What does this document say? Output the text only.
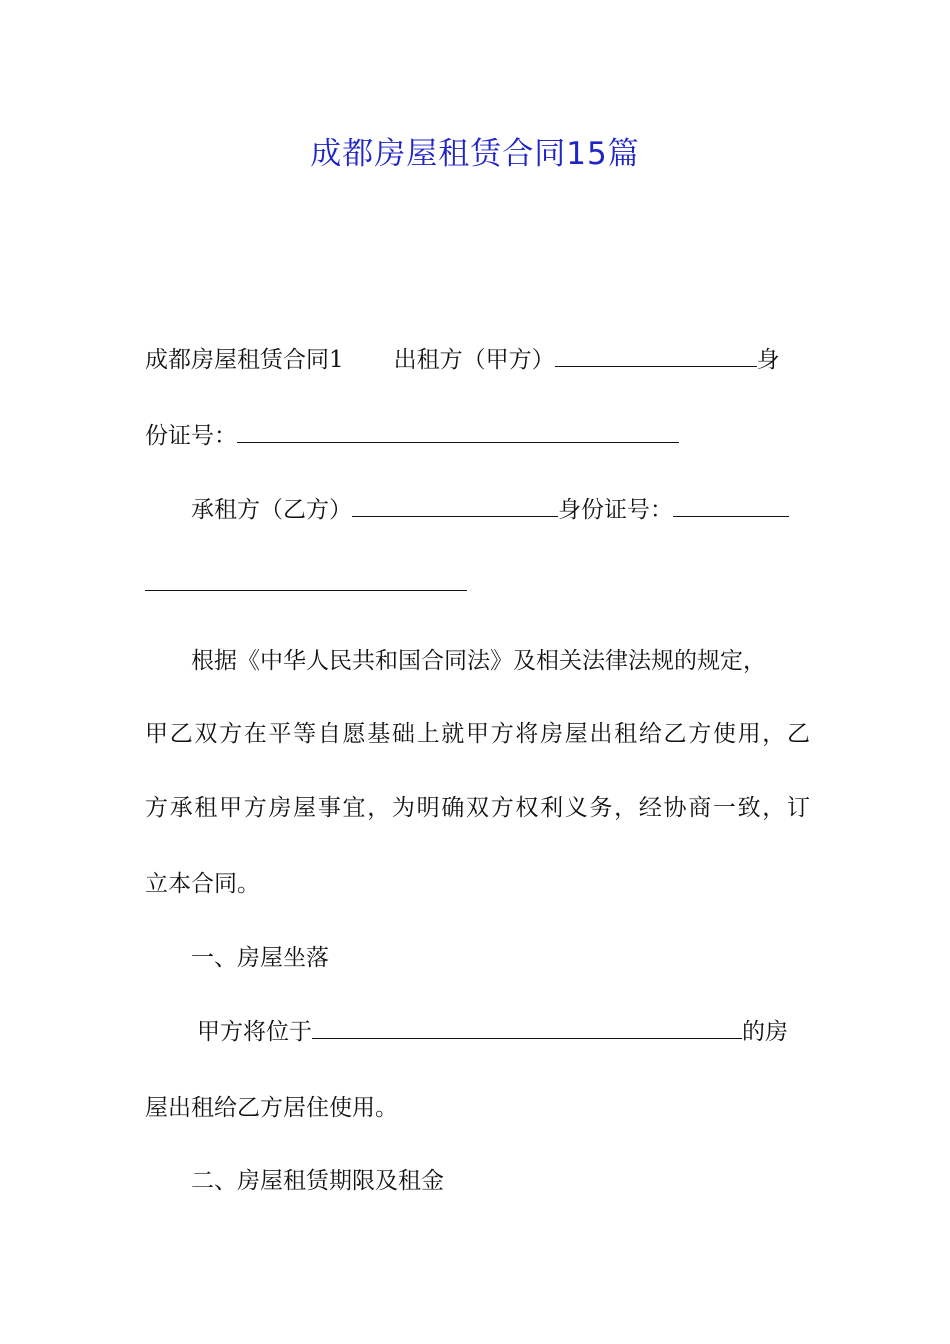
成都房屋租赁合同15篇
成都房屋租赁合同1 出租方（甲方）	身
份证号：
承租方（乙方）	身份证号：
根据《中华人民共和国合同法》及相关法律法规的规定，
甲乙双方在平等自愿基础上就甲方将房屋出租给乙方使用，乙
方承租甲方房屋事宜，为明确双方权利义务，经协商一致，订
立本合同。
一、房屋坐落
甲方将位于	的房
屋出租给乙方居住使用。
二、房屋租赁期限及租金
